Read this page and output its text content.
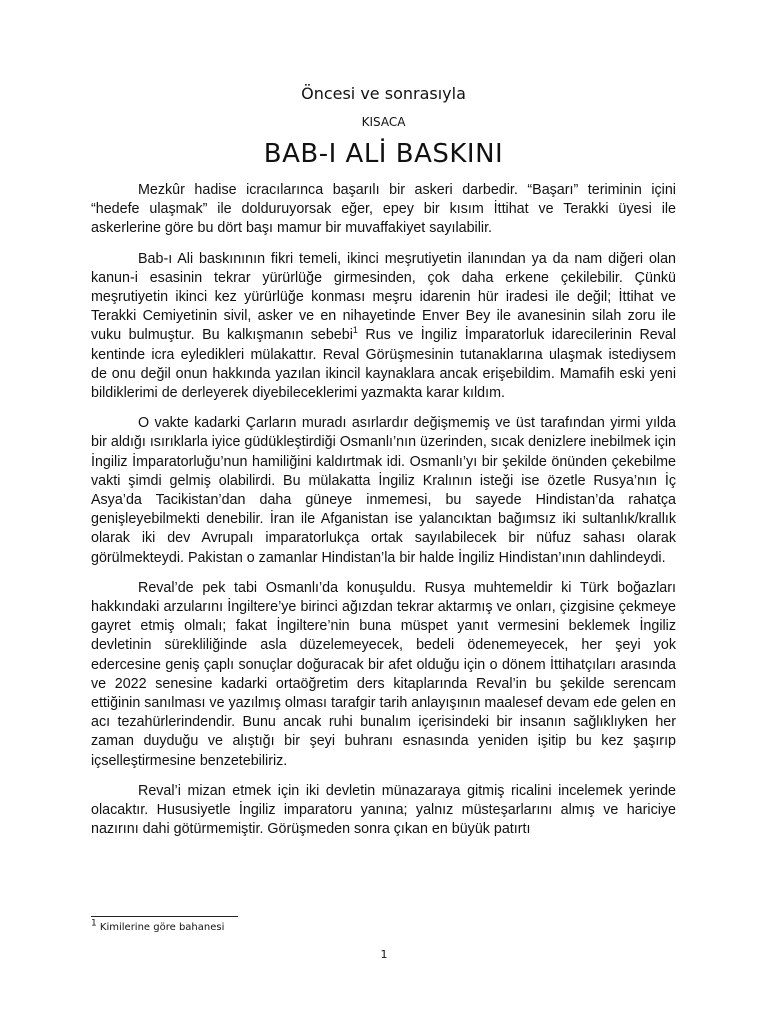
Öncesi ve sonrasıyla

KISACA

BAB-I ALİ BASKINI

Mezkûr hadise icracılarınca başarılı bir askeri darbedir. “Başarı” teriminin içini “hedefe ulaşmak” ile dolduruyorsak eğer, epey bir kısım İttihat ve Terakki üyesi ile askerlerine göre bu dört başı mamur bir muvaffakiyet sayılabilir.

Bab-ı Ali baskınının fikri temeli, ikinci meşrutiyetin ilanından ya da nam diğeri olan kanun-i esasinin tekrar yürürlüğe girmesinden, çok daha erkene çekilebilir. Çünkü meşrutiyetin ikinci kez yürürlüğe konması meşru idarenin hür iradesi ile değil; İttihat ve Terakki Cemiyetinin sivil, asker ve en nihayetinde Enver Bey ile avanesinin silah zoru ile vuku bulmuştur. Bu kalkışmanın sebebi$^1$ Rus ve İngiliz İmparatorluk idarecilerinin Reval kentinde icra eyledikleri mülakattır. Reval Görüşmesinin tutanaklarına ulaşmak istediysem de onu değil onun hakkında yazılan ikincil kaynaklara ancak erişebildim. Mamafih eski yeni bildiklerimi de derleyerek diyebileceklerimi yazmakta karar kıldım.

O vakte kadarki Çarların muradı asırlardır değişmemiş ve üst tarafından yirmi yılda bir aldığı ısırıklarla iyice güdükleştirdiği Osmanlı’nın üzerinden, sıcak denizlere inebilmek için İngiliz İmparatorluğu’nun hamiliğini kaldırtmak idi. Osmanlı’yı bir şekilde önünden çekebilme vakti şimdi gelmiş olabilirdi. Bu mülakatta İngiliz Kralının isteği ise özetle Rusya’nın İç Asya’da Tacikistan’dan daha güneye inmemesi, bu sayede Hindistan’da rahatça genişleyebilmekti denebilir. İran ile Afganistan ise yalancıktan bağımsız iki sultanlık/krallık olarak iki dev Avrupalı imparatorlukça ortak sayılabilecek bir nüfuz sahası olarak görülmekteydi. Pakistan o zamanlar Hindistan’la bir halde İngiliz Hindistan’ının dahlindeydi.

Reval’de pek tabi Osmanlı’da konuşuldu. Rusya muhtemeldir ki Türk boğazları hakkındaki arzularını İngiltere’ye birinci ağızdan tekrar aktarmış ve onları, çizgisine çekmeye gayret etmiş olmalı; fakat İngiltere’nin buna müspet yanıt vermesini beklemek İngiliz devletinin sürekliliğinde asla düzelemeyecek, bedeli ödenemeyecek, her şeyi yok edercesine geniş çaplı sonuçlar doğuracak bir afet olduğu için o dönem İttihatçıları arasında ve 2022 senesine kadarki ortaöğretim ders kitaplarında Reval’in bu şekilde serencam ettiğinin sanılması ve yazılmış olması tarafgir tarih anlayışının maalesef devam ede gelen en acı tezahürlerindendir. Bunu ancak ruhi bunalım içerisindeki bir insanın sağlıklıyken her zaman duyduğu ve alıştığı bir şeyi buhranı esnasında yeniden işitip bu kez şaşırıp içselleştirmesine benzetebiliriz.

Reval’i mizan etmek için iki devletin münazaraya gitmiş ricalini incelemek yerinde olacaktır. Hususiyetle İngiliz imparatoru yanına; yalnız müsteşarlarını almış ve hariciye nazırını dahi götürmemiştir. Görüşmeden sonra çıkan en büyük patırtı

$^1$ Kimilerine göre bahanesi
1
